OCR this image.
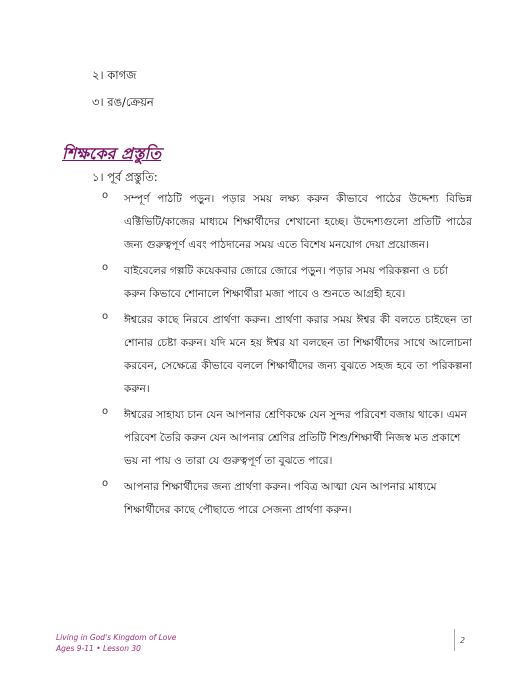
২। কাগজ
৩। রঙ/ক্রেয়ন
শিক্ষকের প্রস্তুতি
১। পূর্ব প্রস্তুতি:
o সম্পূর্ণ পাঠটি পড়ুন। পড়ার সময় লক্ষ্য করুন কীভাবে পাঠের উদ্দেশ্য বিভিন্ন এক্টিভিটি/কাজের মাধ্যমে শিক্ষার্থীদের শেখানো হচ্ছে। উদ্দেশ্যগুলো প্রতিটি পাঠের জন্য গুরুত্বপূর্ণ এবং পাঠদানের সময় এতে বিশেষ মনযোগ দেয়া প্রয়োজন।
o বাইবেলের গল্পটি কয়েকবার জোরে জোরে পড়ুন। পড়ার সময় পরিকল্পনা ও চর্চা করুন কিভাবে শোনালে শিক্ষার্থীরা মজা পাবে ও শুনতে আগ্রহী হবে।
o ঈশ্বরের কাছে নিরবে প্রার্থণা করুন। প্রার্থণা করার সময় ঈশ্বর কী বলতে চাইছেন তা শোনার চেষ্টা করুন। যদি মনে হয় ঈশ্বর যা বলছেন তা শিক্ষার্থীদের সাথে আলোচনা করবেন, সেক্ষেত্রে কীভাবে বললে শিক্ষার্থীদের জন্য বুঝতে সহজ হবে তা পরিকল্পনা করুন।
o ঈশ্বরের সাহায্য চান যেন আপনার শ্রেণিকক্ষে যেন সুন্দর পরিবেশ বজায় থাকে। এমন পরিবেশ তৈরি করুন যেন আপনার শ্রেণির প্রতিটি শিশু/শিক্ষার্থী নিজস্ব মত প্রকাশে ভয় না পায় ও তারা যে গুরুত্বপূর্ণ তা বুঝতে পারে।
o আপনার শিক্ষার্থীদের জন্য প্রার্থণা করুন। পবিত্র আত্মা যেন আপনার মাধ্যমে শিক্ষার্থীদের কাছে পৌছাতে পারে সেজন্য প্রার্থণা করুন।
Living in God's Kingdom of Love
Ages 9-11 • Lesson 30
2
